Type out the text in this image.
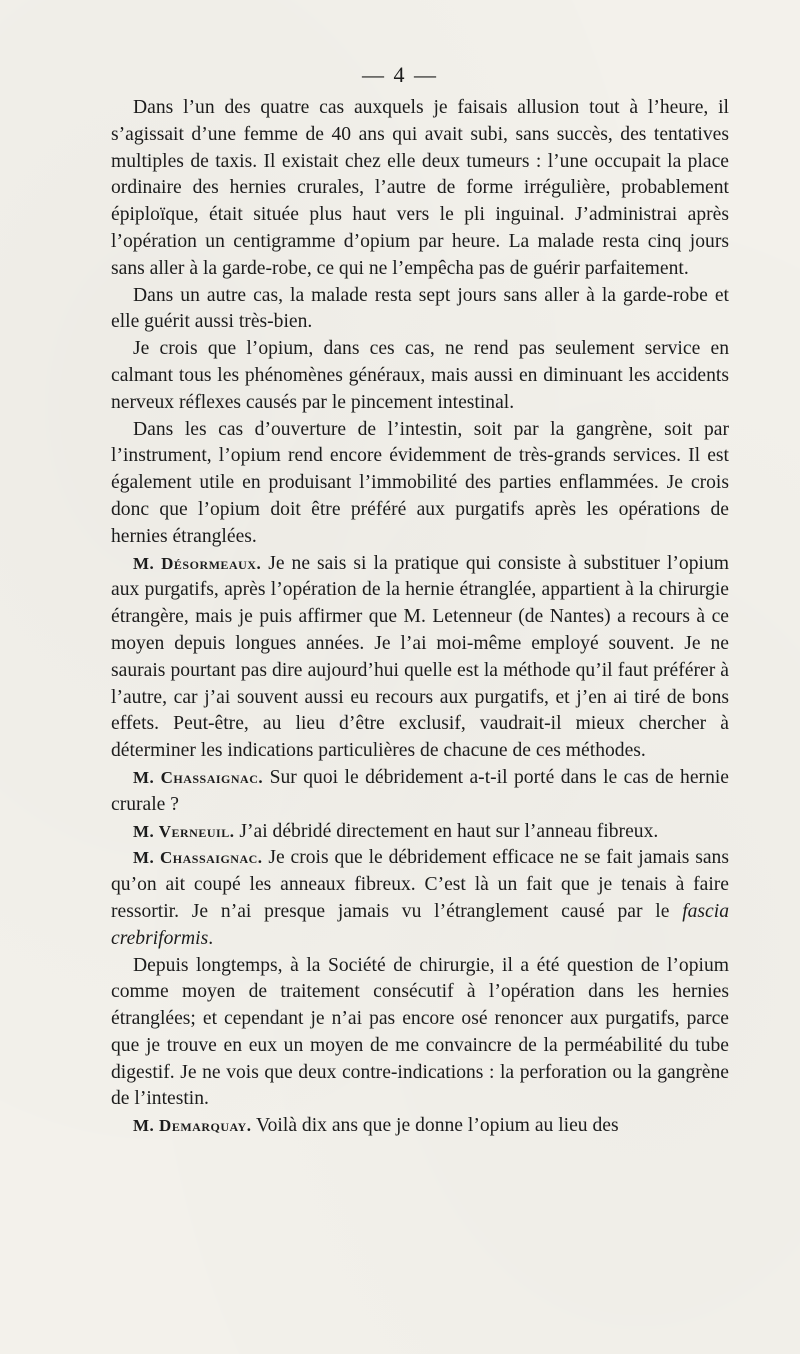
— 4 —

Dans l’un des quatre cas auxquels je faisais allusion tout à l’heure, il s’agissait d’une femme de 40 ans qui avait subi, sans succès, des tentatives multiples de taxis. Il existait chez elle deux tumeurs : l’une occupait la place ordinaire des hernies crurales, l’autre de forme irrégulière, probablement épiploïque, était située plus haut vers le pli inguinal. J’administrai après l’opération un centigramme d’opium par heure. La malade resta cinq jours sans aller à la garde-robe, ce qui ne l’empêcha pas de guérir parfaitement.

Dans un autre cas, la malade resta sept jours sans aller à la garde-robe et elle guérit aussi très-bien.

Je crois que l’opium, dans ces cas, ne rend pas seulement service en calmant tous les phénomènes généraux, mais aussi en diminuant les accidents nerveux réflexes causés par le pincement intestinal.

Dans les cas d’ouverture de l’intestin, soit par la gangrène, soit par l’instrument, l’opium rend encore évidemment de très-grands services. Il est également utile en produisant l’immobilité des parties enflammées. Je crois donc que l’opium doit être préféré aux purgatifs après les opérations de hernies étranglées.

M. Désormeaux. Je ne sais si la pratique qui consiste à substituer l’opium aux purgatifs, après l’opération de la hernie étranglée, appartient à la chirurgie étrangère, mais je puis affirmer que M. Letenneur (de Nantes) a recours à ce moyen depuis longues années. Je l’ai moi-même employé souvent. Je ne saurais pourtant pas dire aujourd’hui quelle est la méthode qu’il faut préférer à l’autre, car j’ai souvent aussi eu recours aux purgatifs, et j’en ai tiré de bons effets. Peut-être, au lieu d’être exclusif, vaudrait-il mieux chercher à déterminer les indications particulières de chacune de ces méthodes.

M. Chassaignac. Sur quoi le débridement a-t-il porté dans le cas de hernie crurale ?

M. Verneuil. J’ai débridé directement en haut sur l’anneau fibreux.

M. Chassaignac. Je crois que le débridement efficace ne se fait jamais sans qu’on ait coupé les anneaux fibreux. C’est là un fait que je tenais à faire ressortir. Je n’ai presque jamais vu l’étranglement causé par le fascia crebriformis.

Depuis longtemps, à la Société de chirurgie, il a été question de l’opium comme moyen de traitement consécutif à l’opération dans les hernies étranglées; et cependant je n’ai pas encore osé renoncer aux purgatifs, parce que je trouve en eux un moyen de me convaincre de la perméabilité du tube digestif. Je ne vois que deux contre-indications : la perforation ou la gangrène de l’intestin.

M. Demarquay. Voilà dix ans que je donne l’opium au lieu des
